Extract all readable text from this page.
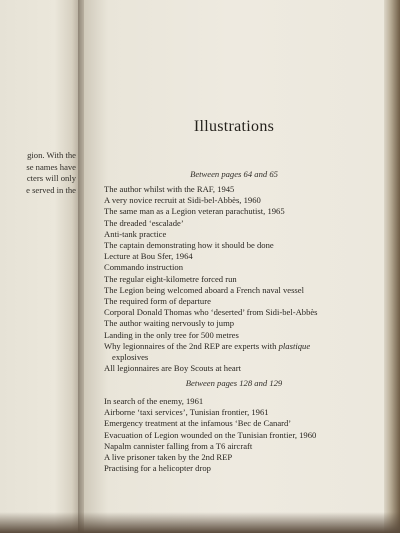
gion. With the
se names have
cters will only
e served in the
Illustrations
Between pages 64 and 65
The author whilst with the RAF, 1945
A very novice recruit at Sidi-bel-Abbès, 1960
The same man as a Legion veteran parachutist, 1965
The dreaded ‘escalade’
Anti-tank practice
The captain demonstrating how it should be done
Lecture at Bou Sfer, 1964
Commando instruction
The regular eight-kilometre forced run
The Legion being welcomed aboard a French naval vessel
The required form of departure
Corporal Donald Thomas who ‘deserted’ from Sidi-bel-Abbès
The author waiting nervously to jump
Landing in the only tree for 500 metres
Why legionnaires of the 2nd REP are experts with plastique
explosives
All legionnaires are Boy Scouts at heart
Between pages 128 and 129
In search of the enemy, 1961
Airborne ‘taxi services’, Tunisian frontier, 1961
Emergency treatment at the infamous ‘Bec de Canard’
Evacuation of Legion wounded on the Tunisian frontier, 1960
Napalm cannister falling from a T6 aircraft
A live prisoner taken by the 2nd REP
Practising for a helicopter drop
